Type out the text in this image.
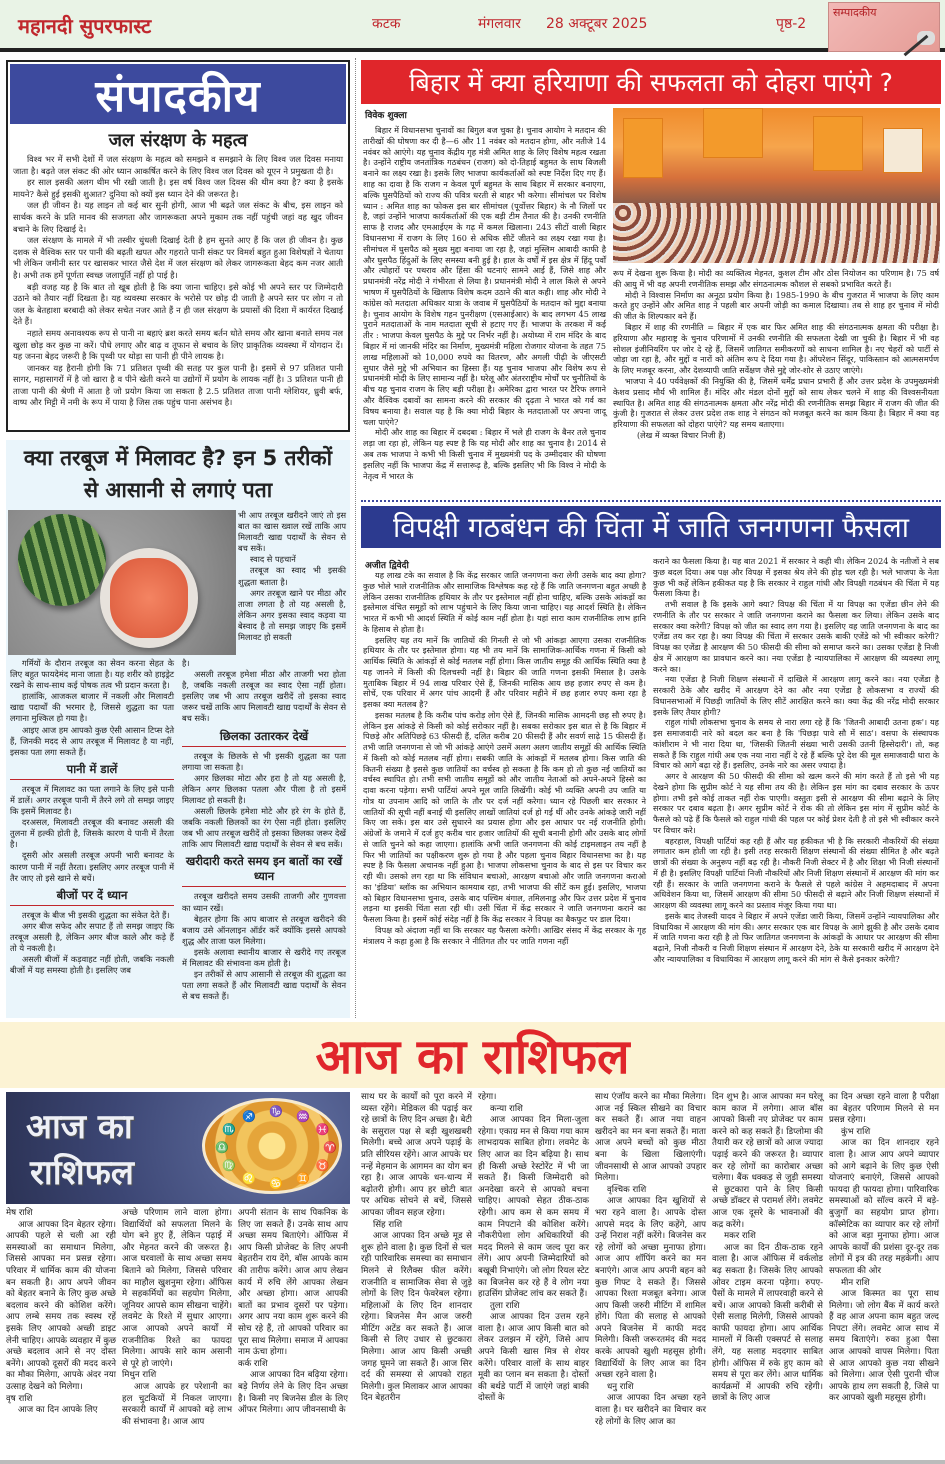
महानदी सुपरफास्ट	कटक	मंगलवार 28 अक्टूबर 2025	पृष्ठ-2
सम्पादकीय
संपादकीय
जल संरक्षण के महत्व

विश्व भर में सभी देशों में जल संरक्षण के महत्व को समझने व समझाने के लिए विश्व जल दिवस मनाया जाता है। बढ़ते जल संकट की ओर ध्यान आकर्षित करने के लिए विश्व जल दिवस को यूएन ने प्रमुखता दी है।

हर साल इसकी अलग थीम भी रखी जाती है। इस वर्ष विश्व जल दिवस की थीम क्या है? क्या है इसके मायने? कैसे हुई इसकी शुआत? दुनिया को क्यों इस ध्यान देने की जरूरत है।

जल ही जीवन है। यह लाइन तो कई बार सुनी होगी, आज भी बढ़ते जल संकट के बीच, इस लाइन को सार्थक करने के प्रति मानव की सजगता और जागरूकता अपने मुकाम तक नहीं पहुंची जहां वह खुद जीवन बचाने के लिए दिखाई दे।

जल संरक्षण के मामले में भी तस्वीर धुंधली दिखाई देती है हम सुनते आए हैं कि जल ही जीवन है। कुछ दशक से वैश्विक स्तर पर पानी की बढ़ती खपत और गहराते पानी संकट पर विमर्श बहुत हुआ विशेषज्ञों ने चेताया भी लेकिन जमीनी स्तर पर खासकर भारत जैसे देश में जल संरक्षण को लेकर जागरूकता बेहद कम नजर आती है। अभी तक हमें पूर्णता स्वच्छ जलापूर्ति नहीं हो पाई है।

बड़ी वजह यह है कि बात तो खूब होती है कि क्या जाना चाहिए। इसे कोई भी अपने स्तर पर जिम्मेदारी उठाने को तैयार नहीं दिखता है। यह व्यवस्था सरकार के भरोसे पर छोड़ दी जाती है अपने स्तर पर लोग न तो जल के बेतहाशा बरबादी को लेकर सचेत नजर आते हैं न ही जल संरक्षण के प्रयासों की दिशा में कार्यरत दिखाई देते हैं।

नहाते समय अनावश्यक रूप से पानी ना बहाएं ब्रश करते समय बर्तन धोते समय और खाना बनाते समय नल खुला छोड़ कर कुछ ना करें। पौधे लगाए और बाढ़ व तूफान से बचाव के लिए प्राकृतिक व्यवस्था में योगदान दें। यह जनना बेहद जरूरी है कि पृथ्वी पर थोड़ा सा पानी ही पीने लायक है।

जानकर यह हैरानी होगी कि 71 प्रतिशत पृथ्वी की सतह पर कुल पानी है। इसमें से 97 प्रतिशत पानी सागर, महासागरों में है जो खारा है व पीने खेती करने या उद्योगों में प्रयोग के लायक नहीं है। 3 प्रतिशत पानी ही ताजा पानी की श्रेणी में आता है जो प्रयोग किया जा सकता है 2.5 प्रतिशत ताजा पानी ग्लेशियर, ध्रुवी बर्फ, वाष्प और मिट्टी में नमी के रूप में पाया है जिस तक पहुंच पाना असंभव है।

क्या तरबूज में मिलावट है? इन 5 तरीकों
से आसानी से लगाएं पता

भी आप तरबूज खरीदने जाएं तो इस बात का खास ख्वाल रखें ताकि आप मिलावटी खाद्य पदार्थों के सेवन से बच सकें।

स्वाद से पहचानें

तरबूज का स्वाद भी इसकी शुद्धता बताता है।

अगर तरबूज खाने पर मीठा और ताजा लगता है तो यह असली है, लेकिन अगर इसका स्वाद कड़वा या बेस्वाद है तो समझ जाइए कि इसमें मिलावट हो सकती

गर्मियों के दौरान तरबूज का सेवन करना सेहत के लिए बहुत फायदेमंद माना जाता है। यह शरीर को हाइड्रेट रखने के साथ-साथ कई पोषक तत्व भी प्रदान करता है।

हालांकि, आजकल बाजार में नकली और मिलावटी खाद्य पदार्थों की भरमार है, जिससे शुद्धता का पता लगाना मुश्किल हो गया है।

आइए आज हम आपको कुछ ऐसी आसान टिप्स देते हैं, जिनकी मदद से आप तरबूज में मिलावट है या नहीं, इसका पता लगा सकते हैं।

पानी में डालें

तरबूज में मिलावट का पता लगाने के लिए इसे पानी में डालें। अगर तरबूज पानी में तैरने लगे तो समझ जाइए कि इसमें मिलावट है।

दरअसल, मिलावटी तरबूज की बनावट असली की तुलना में हल्की होती है, जिसके कारण ये पानी में तैरता है।

दूसरी ओर असली तरबूज अपनी भारी बनावट के कारण पानी में नहीं तैरता। इसलिए अगर तरबूज पानी में तैर जाए तो इसे खाने से बचें।

बीजों पर दें ध्यान

तरबूज के बीज भी इसकी शुद्धता का संकेत देते हैं।

अगर बीज सफेद और सपाट हैं तो समझ जाइए कि तरबूज असली है, लेकिन अगर बीज काले और कड़े हैं तो ये नकली है।

असली बीजों में कड़वाहट नहीं होती, जबकि नकली बीजों में यह समस्या होती है। इसलिए जब

है।

असली तरबूज हमेशा मीठा और ताजगी भरा होता है, जबकि नकली तरबूज का स्वाद ऐसा नहीं होता। इसलिए जब भी आप तरबूज खरीदें तो इसका स्वाद जरूर चखें ताकि आप मिलावटी खाद्य पदार्थों के सेवन से बच सकें।

छिलका उतारकर देखें

तरबूज के छिलके से भी इसकी शुद्धता का पता लगाया जा सकता है।

अगर छिलका मोटा और हरा है तो यह असली है, लेकिन अगर छिलका पतला और पीला है तो इसमें मिलावट हो सकती है।

असली छिलके हमेशा मोटे और हरे रंग के होते हैं, जबकि नकली छिलकों का रंग ऐसा नहीं होता। इसलिए जब भी आप तरबूज खरीदें तो इसका छिलका जरूर देखें ताकि आप मिलावटी खाद्य पदार्थों के सेवन से बच सकें।

खरीदारी करते समय इन बातों का रखें ध्यान

तरबूज खरीदते समय उसकी ताजगी और गुणवत्ता का ध्यान रखें।

बेहतर होगा कि आप बाजार से तरबूज खरीदने की बजाय उसे ऑनलाइन ऑर्डर करें क्योंकि इससे आपको शुद्ध और ताजा फल मिलेगा।

इसके अलावा स्थानीय बाजार से खरीदे गए तरबूज में मिलावट की संभावना कम होती है।

इन तरीकों से आप आसानी से तरबूज की शुद्धता का पता लगा सकते हैं और मिलावटी खाद्य पदार्थों के सेवन से बच सकते हैं।

बिहार में क्या हरियाणा की सफलता को दोहरा पाएंगे ?
विवेक शुक्ला

बिहार में विधानसभा चुनावों का बिगुल बज चुका है। चुनाव आयोग ने मतदान की तारीखों की घोषणा कर दी है—6 और 11 नवंबर को मतदान होगा, और नतीजे 14 नवंबर को आएंगे। यह चुनाव केंद्रीय गृह मंत्री अमित शाह के लिए विशेष महत्व रखता है। उन्होंने राष्ट्रीय जनतांत्रिक गठबंधन (राजग) को दो-तिहाई बहुमत के साथ बिजली बनाने का लक्ष्य रखा है। इसके लिए भाजपा कार्यकर्ताओं को स्पष्ट निर्देश दिए गए हैं। शाह का दावा है कि राजग न केवल पूर्ण बहुमत के साथ बिहार में सरकार बनाएगा, बल्कि घुसपैठियों को राज्य की पवित्र धरती से बाहर भी करेगा। सीमांचल पर विशेष ध्यान : अमित शाह का फोकस इस बार सीमांचल (पूर्वोत्तर बिहार) के नौ जिलों पर है, जहां उन्होंने भाजपा कार्यकर्ताओं की एक बड़ी टीम तैनात की है। उनकी रणनीति साफ है राजद और एमआईएम के गढ़ में कमल खिलाना। 243 सीटों वाली बिहार विधानसभा में राजग के लिए 160 से अधिक सीटें जीतने का लक्ष्य रखा गया है। सीमांचल में घुसपैठ को मुख्य मुद्दा बनाया जा रहा है, जहां मुस्लिम आबादी काफी है और घुसपैठ हिंदुओं के लिए समस्या बनी हुई है। हाल के वर्षों में इस क्षेत्र में हिंदू पर्वों और त्योहारों पर पथराव और हिंसा की घटनाएं सामने आई हैं, जिसे शाह और प्रधानमंत्री नरेंद्र मोदी ने गंभीरता से लिया है। प्रधानमंत्री मोदी ने लाल किले से अपने भाषण में घुसपैठियों के खिलाफ विशेष कदम उठाने की बात कही। शाह और मोदी ने कांग्रेस को मतदाता अधिकार यात्रा के जवाब में घुसपैठियों के मतदान को मुद्दा बनाया है। चुनाव आयोग के विशेष गहन पुनरीक्षण (एसआईआर) के बाद लगभग 45 लाख पुराने मतदाताओं के नाम मतदाता सूची से हटाए गए हैं। भाजपा के तरकश में कई तीर : भाजपा केवल घुसपैठ के मुद्दे पर निर्भर नहीं है। अयोध्या में राम मंदिर के बाद बिहार में मां जानकी मंदिर का निर्माण, मुख्यमंत्री महिला रोजगार योजना के तहत 75 लाख महिलाओं को 10,000 रुपये का वितरण, और अगली पीढ़ी के जीएसटी सुधार जैसे मुद्दे भी अभियान का हिस्सा हैं। यह चुनाव भाजपा और विशेष रूप से प्रधानमंत्री मोदी के लिए सामान्य नहीं है। घरेलू और अंतरराष्ट्रीय मोर्चों पर चुनौतियों के बीच यह चुनाव राजग के लिए बड़ी परीक्षा है। अमेरिका द्वारा भारत पर टैरिफ लगाने और वैश्विक दबावों का सामना करने की सरकार की दृढ़ता ने भारत को गर्व का विषय बनाया है। सवाल यह है कि क्या मोदी बिहार के मतदाताओं पर अपना जादू चला पाएंगे?

मोदी और शाह का बिहार में दबदबा : बिहार में भले ही राजग के बैनर तले चुनाव लड़ा जा रहा हो, लेकिन यह स्पष्ट है कि यह मोदी और शाह का चुनाव है। 2014 से अब तक भाजपा ने कभी भी किसी चुनाव में मुख्यमंत्री पद के उम्मीदवार की घोषणा इसलिए नहीं कि भाजपा केंद्र में सत्तारूढ़ है, बल्कि इसलिए भी कि विश्व ने मोदी के नेतृत्व में भारत के

रूप में देखना शुरू किया है। मोदी का व्यक्तित्व मेहनत, कुशल टीम और ठोस नियोजन का परिणाम है। 75 वर्ष की आयु में भी वह अपनी रणनीतिक समझ और संगठनात्मक कौशल से सबको प्रभावित करते हैं।

मोदी ने विश्वास निर्माण का अनूठा प्रयोग किया है। 1985-1990 के बीच गुजरात में भाजपा के लिए काम करते हुए उन्होंने और अमित शाह ने पहली बार अपनी जोड़ी का कमाल दिखाया। तब से शाह हर चुनाव में मोदी की जीत के शिल्पकार बने हैं।

बिहार में शाह की रणनीति = बिहार में एक बार फिर अमित शाह की संगठनात्मक क्षमता की परीक्षा है। हरियाणा और महाराष्ट्र के चुनाव परिणामों में उनकी रणनीति की सफलता देखी जा चुकी है। बिहार में भी वह सोशल इंजीनियरिंग पर जोर दे रहे हैं, जिसमें जातिगत समीकरणों को साधना शामिल है। नए चेहरों को पार्टी से जोड़ा जा रहा है, और मुद्दों व नारों को अंतिम रूप दे दिया गया है। ऑपरेशन सिंदूर, पाकिस्तान को आत्मसमर्पण के लिए मजबूर करना, और देशव्यापी जाति सर्वेक्षण जैसे मुद्दे जोर-शोर से उठाए जाएंगे।

भाजपा ने 40 पर्यवेक्षकों की नियुक्ति की है, जिसमें धर्मेंद्र प्रधान प्रभारी हैं और उत्तर प्रदेश के उपमुख्यमंत्री केशव प्रसाद मौर्य भी शामिल हैं। मंदिर और मंडल दोनों मुद्दों को साथ लेकर चलने में शाह की विश्वसनीयता स्थापित है। अमित शाह की संगठनात्मक क्षमता और नरेंद्र मोदी की रणनीतिक समझ बिहार में राजग की जीत की कुंजी है। गुजरात से लेकर उत्तर प्रदेश तक शाह ने संगठन को मजबूत करने का काम किया है। बिहार में क्या वह हरियाणा की सफलता को दोहरा पाएंगे? यह समय बताएगा।

(लेख में व्यक्त विचार निजी हैं)

विपक्षी गठबंधन की चिंता में जाति जनगणना फैसला
अजीत द्विवेदी

यह लाख टके का सवाल है कि केंद्र सरकार जाति जनगणना करा लेगी उसके बाद क्या होगा? कुछ भोले भाले राजनीतिक और सामाजिक विश्लेषक कह रहे हैं कि जाति जनगणना बहुत अच्छी है लेकिन उसका राजनीतिक हथियार के तौर पर इस्तेमाल नहीं होना चाहिए, बल्कि उसके आंकड़ों का इस्तेमाल वंचित समूहों को लाभ पहुंचाने के लिए किया जाना चाहिए। यह आदर्श स्थिति है। लेकिन भारत में कभी भी आदर्श स्थिति में कोई काम नहीं होता है। यहां सारा काम राजनीतिक लाभ हानि के हिसाब से होता है।

इसलिए यह तय मानें कि जातियों की गिनती से जो भी आंकड़ा आएगा उसका राजनीतिक हथियार के तौर पर इस्तेमाल होगा। यह भी तय मानें कि सामाजिक-आर्थिक गणना में किसी को आर्थिक स्थिति के आंकड़ों से कोई मतलब नहीं होगा। किस जातीय समूह की आर्थिक स्थिति क्या है यह जानने में किसी की दिलचस्पी नहीं है। बिहार की जाति गणना इसकी मिसाल है। उसके मुताबिक बिहार में 94 लाख परिवार ऐसे हैं, जिनकी मासिक आय छह हजार रुपए से कम है। सोचें, एक परिवार में अगर पांच आदमी हैं और परिवार महीने में छह हजार रुपए कमा रहा है इसका क्या मतलब है?

इसका मतलब है कि करीब पांच करोड़ लोग ऐसे हैं, जिनकी मासिक आमदनी छह सौ रुपए है। लेकिन इस आंकड़े से किसी को कोई सरोकार नहीं है। सबका सरोकार इस बात से है कि बिहार में पिछड़े और अतिपिछड़े 63 फीसदी हैं, दलित करीब 20 फीसदी हैं और सवर्ण साढ़े 15 फीसदी हैं। तभी जाति जनगणना से जो भी आंकड़े आएंगे उसमें अलग अलग जातीय समूहों की आर्थिक स्थिति में किसी को कोई मतलब नहीं होगा। सबकी जाति के आंकड़ों में मतलब होगा। किस जाति की कितनी संख्या है इससे कुछ जातियों का वर्चस्व हो सकता है कि कम हो तो कुछ नई जातियों का वर्चस्व स्थापित हो। तभी सभी जातीय समूहों को और जातीय नेताओं को अपने-अपने हिस्से का दावा करना पड़ेगा। सभी पार्टियां अपने मूल जाति लिखेंगी। कोई भी व्यक्ति अपनी उप जाति या गोत्र या उपनाम आदि को जाति के तौर पर दर्ज नहीं करेगा। ध्यान रहे पिछली बार सरकार ने जातियों की सूची नहीं बनाई थी इसलिए लाखों जातियां दर्ज हो गई थीं और उनके आंकड़े जारी नहीं किए जा सके। इस बार उसे सुधारने का प्रयास होगा और इस आधार पर नई राजनीति होगी। अंग्रेजों के जमाने में दर्ज हुए करीब चार हजार जातियों की सूची बनानी होगी और उसके बाद लोगों से जाति चुनने को कहा जाएगा। हालांकि अभी जाति जनगणना की कोई टाइमलाइन तय नहीं है फिर भी जातियों का पक्षीकरण शुरू हो गया है और पहला चुनाव बिहार विधानसभा का है। यह स्पष्ट है कि फैसला अचानक नहीं हुआ है। भाजपा लोकसभा चुनाव के बाद से इस पर विचार कर रही थी। उसको लग रहा था कि संविधान बचाओ, आरक्षण बचाओ और जाति जनगणना कराओ का 'इंडिया' ब्लॉक का अभियान कामयाब रहा, तभी भाजपा की सीटें कम हुई। इसलिए, भाजपा को बिहार विधानसभा चुनाव, उसके बाद पश्चिम बंगाल, तमिलनाडु और फिर उत्तर प्रदेश में चुनाव लड़ना था इसकी चिंता सता रही थी। उसी चिंता में केंद्र सरकार ने जाति जनगणना कराने का फैसला किया है। इसमें कोई संदेह नहीं है कि केंद्र सरकार ने विपक्ष का बैकफुट पर डाल दिया।

विपक्ष को अंदाजा नहीं था कि सरकार यह फैसला करेगी। आखिर संसद में केंद्र सरकार के गृह मंत्रालय ने कहा हुआ है कि सरकार ने नीतिगत तौर पर जाति गणना नहीं

कराने का फैसला किया है। यह बात 2021 में सरकार ने कही थी। लेकिन 2024 के नतीजों ने सब कुछ बदल दिया। अब पक्ष और विपक्ष में इसका श्रेय लेने की होड़ चल रही है। भले भाजपा के नेता कुछ भी कहें लेकिन हकीकत यह है कि सरकार ने राहुल गांधी और विपक्षी गठबंधन की चिंता में यह फैसला किया है।

तभी सवाल है कि इसके आगे क्या? विपक्ष की चिंता में या विपक्ष का एजेंडा छीन लेने की रणनीति के तौर पर सरकार ने जाति जनगणना कराने का फैसला कर लिया। लेकिन उसके बाद सरकार क्या करेगी? विपक्ष को जीत का स्वाद लग गया है। इसलिए वह जाति जनगणना के बाद का एजेंडा तय कर रहा है। क्या विपक्ष की चिंता में सरकार उसके बाकी एजेंडे को भी स्वीकार करेगी? विपक्ष का एजेंडा है आरक्षण की 50 फीसदी की सीमा को समाप्त करने का। उसका एजेंडा है निजी क्षेत्र में आरक्षण का प्रावधान करने का। नया एजेंडा है न्यायपालिका में आरक्षण की व्यवस्था लागू करने का।

नया एजेंडा है निजी शिक्षण संस्थानों में दाखिले में आरक्षण लागू करने का। नया एजेंडा है सरकारी ठेके और खरीद में आरक्षण देने का और नया एजेंडा है लोकसभा व राज्यों की विधानसभाओं में पिछड़ी जातियों के लिए सीटें आरक्षित करने का। क्या केंद्र की नरेंद्र मोदी सरकार इसके लिए तैयार होगी?

राहुल गांधी लोकसभा चुनाव के समय से नारा लगा रहे हैं कि 'जितनी आबादी उतना हक'। यह इस समाजवादी नारे को बदल कर बना है कि 'पिछड़ा पावे सौ में साठ'। वसपा के संस्थापक कांशीराम ने भी नारा दिया था, 'जिसकी जितनी संख्या भारी उसकी उतनी हिस्सेदारी'। तो, कह सकते हैं कि राहुल गांधी अब एक नया नारा नहीं दे रहे हैं बल्कि पूरे देश की मूल समाजवादी धारा के विचार को आगे बढ़ा रहे हैं। इसलिए, उनके नारे का असर ज्यादा है।

अगर वे आरक्षण की 50 फीसदी की सीमा को खत्म करने की मांग करते हैं तो इसे भी यह देखने होगा कि सुप्रीम कोर्ट ने यह सीमा तय की है। लेकिन इस मांग का दबाव सरकार के ऊपर होगा। तभी इसे कोई ताकत नहीं रोक पाएगी। वस्तुतः इसी से आरक्षण की सीमा बढ़ाने के लिए सरकार पर दबाव बढ़ता है। अगर सुप्रीम कोर्ट ने रोक की तो लेकिन इस मांग में सुप्रीम कोर्ट के फैसले को पढ़े हैं कि फैसले को राहुल गांधी की पहल पर कोई प्रेशर देती है तो इसे भी स्वीकार करने पर विचार करे।

बहरहाल, विपक्षी पार्टियां कह रही हैं और यह हकीकत भी है कि सरकारी नौकरियों की संख्या लगातार कम होती जा रही है। इसी तरह सरकारी शिक्षण संस्थानों की संख्या सीमित है और बढ़ते छात्रों की संख्या के अनुरूप नहीं बढ़ रही है। नौकरी निजी सेक्टर में है और शिक्षा भी निजी संस्थानों में ही है। इसलिए विपक्षी पार्टियां निजी नौकरियों और निजी शिक्षण संस्थानों में आरक्षण की मांग कर रही हैं। सरकार के जाति जनगणना कराने के फैसले से पहले कांग्रेस ने अहमदाबाद में अपना अधिवेशन किया था, जिसमें आरक्षण की सीमा 50 फीसदी से बढ़ाने और निजी शिक्षण संस्थानों में आरक्षण की व्यवस्था लागू करने का प्रस्ताव मंजूर किया गया था।

इसके बाद तेजस्वी यादव ने बिहार में अपने एजेंडा जारी किया, जिसमें उन्होंने न्यायपालिका और विधायिका में आरक्षण की मांग की। अगर सरकार एक बार विपक्ष के आगे झुकी है और उसके दबाव में जाति गणना करा रही है तो फिर जातिगत जनगणना के आंकड़ों के आधार पर आरक्षण की सीमा बढ़ाने, निजी नौकरी व निजी शिक्षण संस्थान में आरक्षण देने, ठेके या सरकारी खरीद में आरक्षण देने और न्यायपालिका व विधायिका में आरक्षण लागू करने की मांग से कैसे इनकार करेगी?

आज का राशिफल
आज का
राशिफल
♈
♉
♊
♋
♌
♍
♎
♏
♐ ♑ ♒
♓
मेष राशि

आज आपका दिन बेहतर रहेगा। आपकी पहले से चली आ रही समस्याओं का समाधान मिलेगा, जिससे आपका मन प्रसन्न रहेगा। परिवार में धार्मिक काम की योजना बन सकती है। आप अपने जीवन को बेहतर बनाने के लिए कुछ अच्छे बदलाव करने की कोशिश करेंगे। आप लम्बे समय तक स्वस्थ रहें इसके लिए आपको अच्छी डाइट लेनी चाहिए। आपके व्यवहार में कुछ अच्छे बदलाव आने से नए दोस्त बनेंगे। आपको दूसरों की मदद करने का मौका मिलेगा, आपके अंदर नया उत्साह देखने को मिलेगा।

वृष राशि

आज का दिन आपके लिए

अच्छे परिणाम लाने वाला होगा। विद्यार्थियों को सफलता मिलने के योग बने हुए हैं, लेकिन पढ़ाई में और मेहनत करने की जरूरत है। आज घरवालों के साथ अच्छा समय बिताने को मिलेगा, जिससे परिवार का माहौल खुशनुमा रहेगा। ऑफिस मे सहकर्मियों का सहयोग मिलेगा, जूनियर आपसे काम सीखना चाहेंगे। लवमेट के रिश्ते में सुधार आएगा। आज आपको अपने कार्यों में राजनीतिक रिश्ते का फायदा मिलेगा। आपके सारे काम असानी से पूरे हो जाएंगे।

मिथुन राशि

आज आपके हर परेशानी का हल चुटकियों में निकल जाएगा। सरकारी कार्यों में आपको बड़े लाभ की संभावना है। आज आप

अपनी संतान के साथ पिकनिक के लिए जा सकते हैं। उनके साथ आप अच्छा समय बिताएंगे। ऑफिस में आप किसी प्रोजेक्ट के लिए अपनी बेहतरीन राय देंगे, बॉस आपके काम की तारीफ करेंगे। आज आप लेखन कार्य में रुचि लेंगे आपका लेखन और अच्छा होगा। आज आपकी बातों का प्रभाव दूसरों पर पड़ेगा। अगर आप नया काम शुरू करने की सोच रहे हैं, तो आपको परिवार का पूरा साथ मिलेगा। समाज में आपका नाम ऊंचा होगा।

कर्क राशि

आज आपका दिन बढ़िया रहेगा। बड़े निर्णय लेने के लिए दिन अच्छा है। किसी नए बिजनेस डील के लिए ऑफर मिलेगा। आप जीवनसाथी के

साथ घर के कार्यों को पूरा करने में व्यस्त रहेंगे। मेडिकल की पढ़ाई कर रहे छात्रों के लिए दिन अच्छा है। बेटी के ससुराल पक्ष से बड़ी खुशखबरी मिलेगी। बच्चे आज अपने पढ़ाई के प्रति सीरियस रहेंगे। आज आपके घर नन्हें मेहमान के आगमन का योग बन रहा है। आज आपके धन-धान्य में बढ़ोतरी होगी। आप हर छोटी बात पर अधिक सोचने से बचें, जिससे आपका जीवन सहज रहेगा।

सिंह राशि

आज आपका दिन अच्छे मूड से शुरू होने वाला है। कुछ दिनों से चल रही पारिवारिक समस्या का समाधान मिलने से रिलैक्स फील करेंगे। राजनीति व सामाजिक सेवा से जुड़े लोगों के लिए दिन फेवरेबल रहेगा। महिलाओं के लिए दिन शानदार रहेगा। बिजनेस मैन आज जरुरी मीटिंग अटेंड कर सकते हैं। आज किसी से लिए उधार से छुटकारा मिलेगा। आज आप किसी अच्छी जगह घूमने जा सकते हैं। आज सिर दर्द की समस्या से आपको राहत मिलेगी। कुल मिलाकर आज आपका दिन बेहतरीन

रहेगा।

कन्या राशि

आज आपका दिन मिला-जुला रहेगा। एकाग्र मन से किया गया काम लाभदायक साबित होगा। लवमेट के लिए आज का दिन बढ़िया है। साथ ही किसी अच्छे रेस्टोरेंट में भी जा सकते हैं। किसी जिम्मेदारी को अनदेखा करने से आपको बचना चाहिए। आपको सेहत ठीक-ठाक रहेगी। आप कम से कम समय में काम निपटाने की कोशिश करेंगे। नौकरीपेशा लोग अधिकारियों की मदद मिलने से काम जल्द पूरा कर लेंगे। आप अपनी जिम्मेदारियों को बखूबी निभाएंगे। जो लोग रियल स्टेट का बिजनेस कर रहे हैं वे लोग नया हाउसिंग प्रोजेक्ट लांच कर सकते हैं।

तुला राशि

आज आपका दिन उत्तम रहने वाला है। आज आप किसी बात को लेकर उलझन में रहेंगे, जिसे आप अपने किसी खास मित्र से शेयर करेंगे। परिवार वालों के साथ बाहर मूवी का प्लान बन सकता है। दोस्तों की बर्थडे पार्टी में जाएंगे जहां बाकी दोस्तों के

साथ एंजॉय करने का मौका मिलेगा। आज नई स्किल सीखने का विचार कर सकते हैं। आज नया वाहन खरीदने का मन बना सकते हैं। माता आज अपने बच्चों को कुछ मीठा बना के खिला खिलाएंगी। जीवनसाथी से आज आपको उपहार मिलेगा।

वृश्चिक राशि

आज आपका दिन खुशियों से भरा रहने वाला है। आपके दोस्त आपसे मदद के लिए कहेंगे, आप उन्हें निराश नहीं करेंगे। बिजनेस कर रहे लोगों को अच्छा मुनाफा होगा। आज आप शॉपिंग करने का मन बनाएंगे। आज आप अपनी बहन को कुछ गिफ्ट दे सकते हैं। जिससे आपका रिश्ता मजबूत बनेगा। आज आप किसी जरुरी मीटिंग में शामिल होंगे। पिता की सलाह से आपको अपने बिजनेस में काफी मदद मिलेगी। किसी जरूरतमंद की मदद करके आपको खुशी महसूस होगी। विद्यार्थियों के लिए आज का दिन अच्छा रहने वाला है।

धनु राशि

आज आपका दिन अच्छा रहने वाला है। घर खरीदने का विचार कर रहे लोगों के लिए आज का

दिन शुभ है। आज आपका मन घरेलू काम काज में लगेगा। आज बॉस आपको किसी नए प्रोजेक्ट पर काम करने को कह सकते हैं। डिप्लोमा की तैयारी कर रहे छात्रों को आज ज्यादा पढ़ाई करने की जरूरत है। व्यापार कर रहे लोगों का कारोबार अच्छा चलेगा। बैंक धक्कड़ से जुड़ी समस्या से छुटकारा पाने के लिए किसी अच्छे डॉक्टर से परामर्श लेंगे। लवमेट आज एक दूसरे के भावनाओं की कद्र करेंगे।

मकर राशि

आज का दिन ठीक-ठाक रहने वाला है। आज ऑफिस में वर्कलोड बढ़ सकता है। जिसके लिए आपको ओवर टाइम करना पड़ेगा। रुपए-पैसों के मामले में लापरवाही करने से बचें। आज आपको किसी करीबी से ऐसी सलाह मिलेगी, जिससे आपको काफी फायदा होगा। आप आर्थिक मामलों में किसी एक्सपर्ट से सलाह लेंगे, यह सलाह मददगार साबित होगी। ऑफिस में रुके हुए काम को समय से पूरा कर लेंगे। आज धार्मिक कार्यक्रमों में आपकी रुचि रहेगी। छात्रों के लिए आज

का दिन अच्छा रहने वाला है परीक्षा का बेहतर परिणाम मिलने से मन प्रसन्न रहेगा।

कुंभ राशि

आज का दिन शानदार रहने वाला है। आज आप अपने व्यापार को आगे बढ़ाने के लिए कुछ ऐसी योजनाएं बनाएंगे, जिससे आपको फायदा ही फायदा होगा। पारिवारिक समस्याओं को सॉल्व करने में बड़े-बुजुर्गों का सहयोग प्राप्त होगा। कॉस्मेटिक का व्यापार कर रहे लोगों को आज बड़ा मुनाफा होगा। आज आपके कार्यों की प्रशंसा दूर-दूर तक लोगों में इत्र की तरह महकेगी। आप सफलता की ओर

मीन राशि

आज किस्मत का पूरा साथ मिलेगा। जो लोग बैंक में कार्य करते हैं वह आज अपना काम बहुत जल्द निपटा लेंगे। लवमेट आज साथ में समय बिताएंगे। रुका हुआ पैसा आज आपको वापस मिलेगा। पिता से आज आपको कुछ नया सीखने को मिलेगा। आज ऐसी पुरानी चीज आपके हाथ लग सकती है, जिसे पा कर आपको खुशी महसूस होगी।
